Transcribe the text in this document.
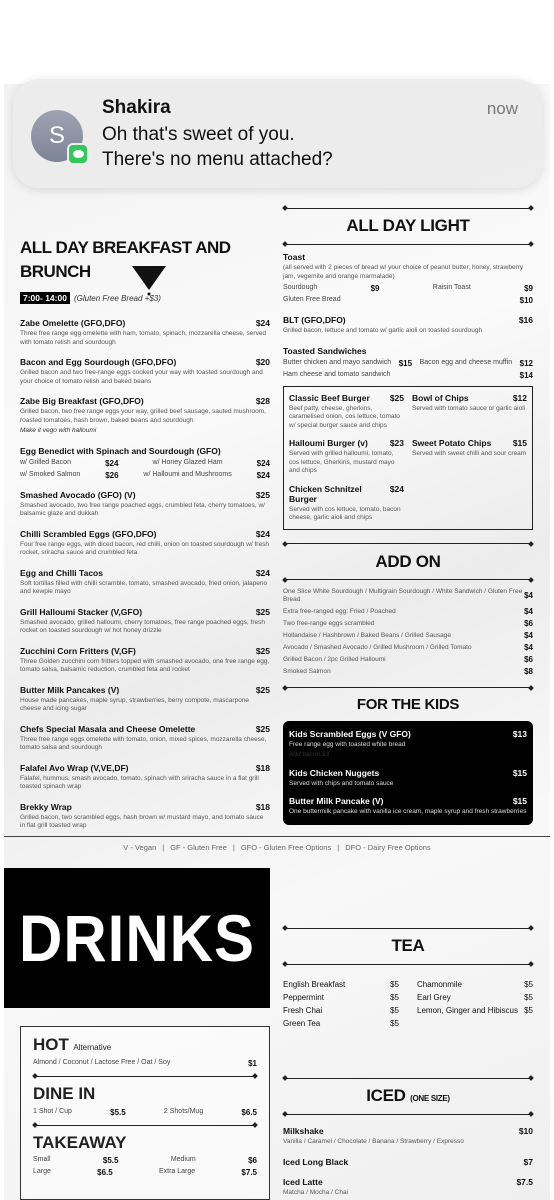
ALL DAY BREAKFAST AND BRUNCH
7:00- 14:00 (Gluten Free Bread +$3)
Zabe Omelette (GFO,DFO)	$24
Three free range egg omelette with ham, tomato, spinach, mozzarella cheese, served with tomato relish and sourdough
Bacon and Egg Sourdough (GFO,DFO)	$20
Grilled bacon and two free-range eggs cooked your way with toasted sourdough and your choice of tomato relish and baked beans
Zabe Big Breakfast (GFO,DFO)	$28
Grilled bacon, two free range eggs your way, grilled beef sausage, sauted mushroom, roasted tomatoes, hash brown, baked beans and sourdough
Make it vego with halloumi
Egg Benedict with Spinach and Sourdough (GFO)
w/ Grilled Bacon	$24	w/ Honey Glazed Ham	$24
w/ Smoked Salmon	$26	w/ Halloumi and Mushrooms	$24
Smashed Avocado (GFO) (V)	$25
Smashed avocado, two free range poached eggs, crumbled feta, cherry tomatoes, w/ balsamic glaze and dukkah
Chilli Scrambled Eggs (GFO,DFO)	$24
Four free range eggs, with diced bacon, red chilli, onion on toasted sourdough w/ fresh rocket, sriracha sauce and crumbled feta
Egg and Chilli Tacos	$24
Soft tortillas filled with chilli scramble, tomato, smashed avocado, fried onion, jalapeno and kewpie mayo
Grill Halloumi Stacker (V,GFO)	$25
Smashed avocado, grilled halloumi, cherry tomatoes, free range poached eggs, fresh rocket on toasted sourdough w/ hot honey drizzle
Zucchini Corn Fritters (V,GF)	$25
Three Golden zucchini corn fritters topped with smashed avocado, one free range egg, tomato salsa, balsamic reduction, crumbled feta and rocket
Butter Milk Pancakes (V)	$25
House made pancakes, maple syrup, strawberries, berry compote, mascarpone cheese and icing sugar
Chefs Special Masala and Cheese Omelette	$25
Three free range eggs omelette with tomato, onion, mixed spices, mozzarella cheese, tomato salsa and sourdough
Falafel Avo Wrap (V,VE,DF)	$18
Falafel, hummus, smash avocado, tomato, spinach with sriracha sauce in a flat grill toasted spinach wrap
Brekky Wrap	$18
Grilled bacon, two scrambled eggs, hash brown w/ mustard mayo, and tomato sauce in flat grill toasted wrap
ALL DAY LIGHT
Toast
(all served with 2 pieces of bread w/ your choice of peanut butter, honey, strawberry jam, vegemite and orange marmalade)
Sourdough	$9	Raisin Toast	$9
Gluten Free Bread	$10
BLT (GFO,DFO)	$16
Grilled bacon, lettuce and tomato w/ garlic aioli on toasted sourdough
Toasted Sandwiches
Butter chicken and mayo sandwich $15 Bacon egg and cheese muffin $12
Ham cheese and tomato sandwich	$14
Classic Beef Burger $25
Beef patty, cheese, gherkins, caramelised onion, cos lettuce, tomato w/ special burger sauce and chips
Bowl of Chips	$12
Served with tomato sauce or garlic aioli
Halloumi Burger (v)	$23
Served with grilled halloumi, tomato, cos lettuce, Gherkins, mustard mayo and chips
Sweet Potato Chips	$15
Served with sweet chilli and sour cream
Chicken Schnitzel Burger
$24
Served with cos lettuce, tomato, bacon cheese, garlic aioli and chips
ADD ON
One Slice White Sourdough / Multigrain Sourdough / White Sandwich / Gluten Free Bread	$4
Extra free-ranged egg: Fried / Poached	$4
Two free-range eggs scrambled	$6
Hollandaise / Hashbrown / Baked Beans / Grilled Sausage	$4
Avocado / Smashed Avocado / Grilled Mushroom / Grilled Tomato	$4
Grilled Bacon / 2pc Grilled Halloumi	$6
Smoked Salmon	$8
FOR THE KIDS
Kids Scrambled Eggs (V GFO)	$13
Free range egg with toasted white bread
Add bacon $3
Kids Chicken Nuggets	$15
Served with chips and tomato sauce
Butter Milk Pancake (V)	$15
One buttermilk pancake with vanilla ice cream, maple syrup and fresh strawberries
V - Vegan | GF - Gluten Free | GFO - Gluten Free Options | DFO - Dairy Free Options
DRINKS
HOT Alternative
Almond / Coconut / Lactose Free / Oat / Soy	$1
DINE IN
1 Shot / Cup	$5.5	2 Shots/Mug	$6.5
TAKEAWAY
Small	$5.5	Medium	$6
Large	$6.5	Extra Large	$7.5
TEA
English Breakfast	$5
Peppermint	$5
Fresh Chai	$5
Green Tea	$5
Chamonmile	$5
Earl Grey	$5
Lemon, Ginger and Hibiscus $5
ICED (ONE SIZE)
Milkshake	$10
Vanilla / Caramel / Chocolate / Banana / Strawberry / Expresso
Iced Long Black	$7
Iced Latte	$7.5
Matcha / Mocha / Chai
S
Shakira	now
Oh that's sweet of you.
There's no menu attached?
